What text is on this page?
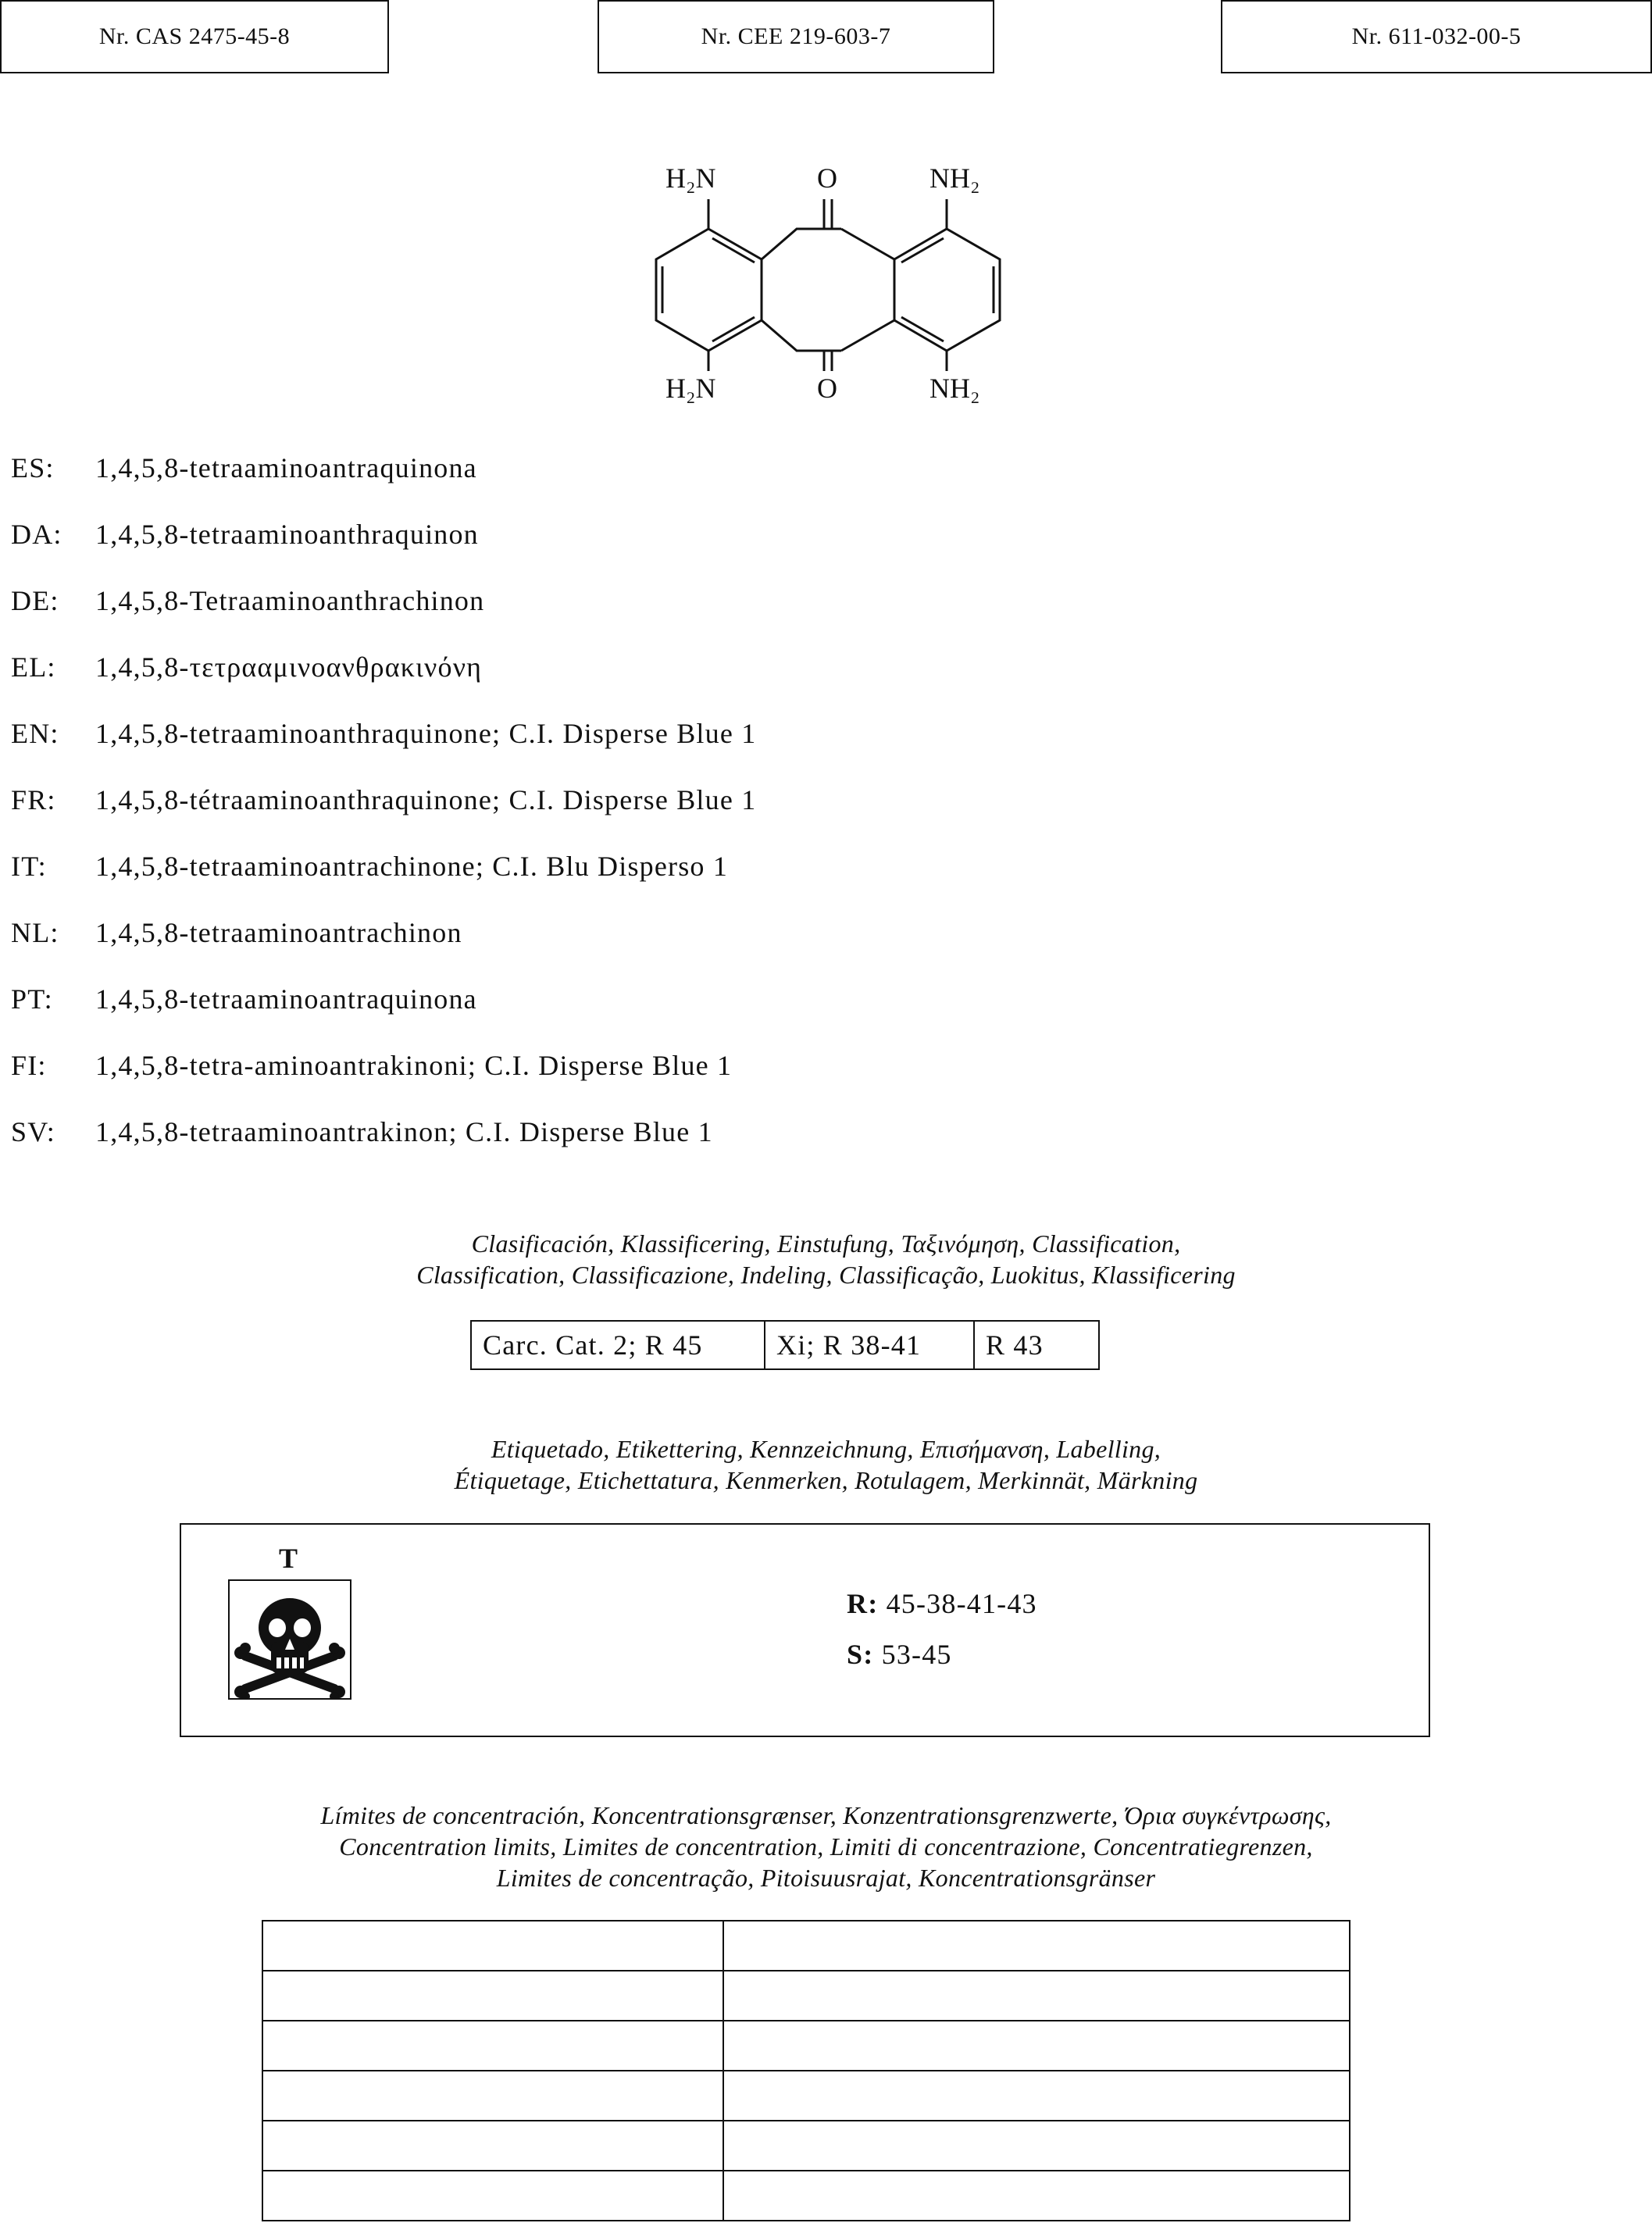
Nr. CAS 2475-45-8	Nr. CEE 219-603-7	Nr. 611-032-00-5
H₂N	O	NH₂
H₂N	O	NH₂
ES: 1,4,5,8-tetraaminoantraquinona
DA: 1,4,5,8-tetraaminoanthraquinon
DE: 1,4,5,8-Tetraaminoanthrachinon
EL: 1,4,5,8-τετρααμινοανθρακινόνη
EN: 1,4,5,8-tetraaminoanthraquinone; C.I. Disperse Blue 1
FR: 1,4,5,8-tétraaminoanthraquinone; C.I. Disperse Blue 1
IT: 1,4,5,8-tetraaminoantrachinone; C.I. Blu Disperso 1
NL: 1,4,5,8-tetraaminoantrachinon
PT: 1,4,5,8-tetraaminoantraquinona
FI: 1,4,5,8-tetra-aminoantrakinoni; C.I. Disperse Blue 1
SV: 1,4,5,8-tetraaminoantrakinon; C.I. Disperse Blue 1
Clasificación, Klassificering, Einstufung, Ταξινόμηση, Classification,
Classification, Classificazione, Indeling, Classificação, Luokitus, Klassificering
Carc. Cat. 2; R 45	Xi; R 38-41	R 43
Etiquetado, Etikettering, Kennzeichnung, Επισήμανση, Labelling,
Étiquetage, Etichettatura, Kenmerken, Rotulagem, Merkinnät, Märkning
T
R: 45-38-41-43
S: 53-45
Límites de concentración, Koncentrationsgrænser, Konzentrationsgrenzwerte, Όρια συγκέντρωσης,
Concentration limits, Limites de concentration, Limiti di concentrazione, Concentratiegrenzen,
Limites de concentração, Pitoisuusrajat, Koncentrationsgränser
